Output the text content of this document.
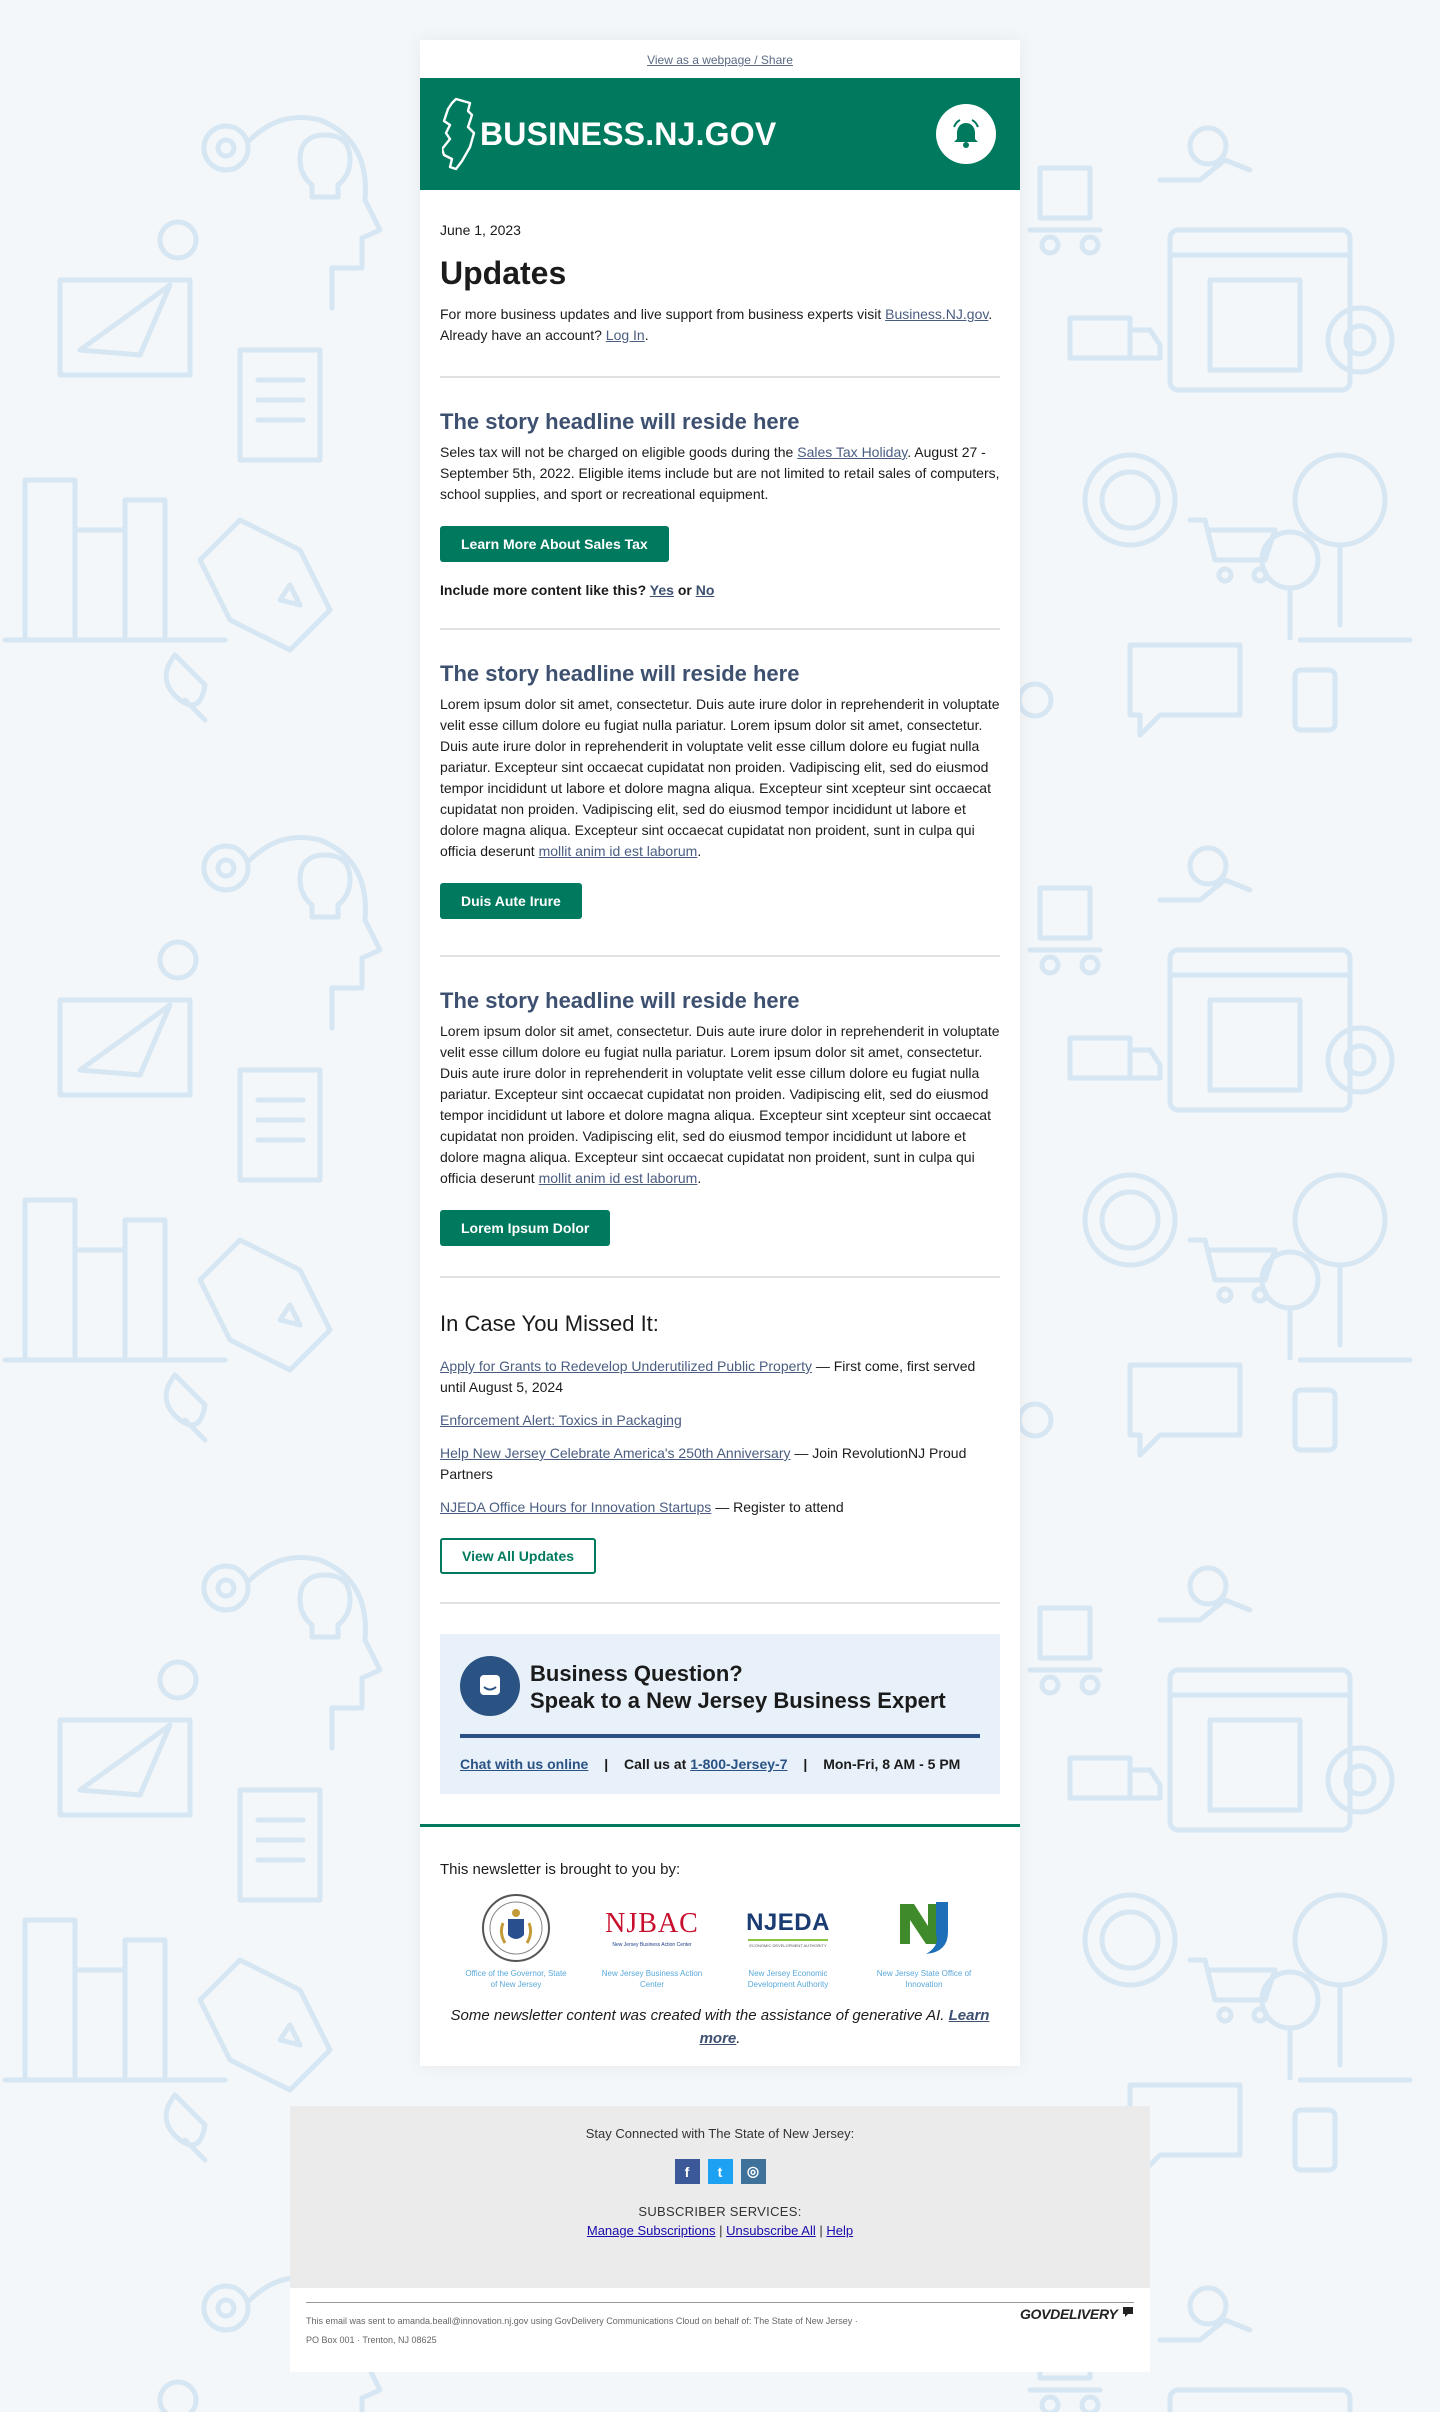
View as a webpage / Share
BUSINESS.NJ.GOV
June 1, 2023
Updates
For more business updates and live support from business experts visit Business.NJ.gov. Already have an account? Log In.
The story headline will reside here
Seles tax will not be charged on eligible goods during the Sales Tax Holiday. August 27 - September 5th, 2022. Eligible items include but are not limited to retail sales of computers, school supplies, and sport or recreational equipment.
Learn More About Sales Tax
Include more content like this? Yes or No
The story headline will reside here
Lorem ipsum dolor sit amet, consectetur. Duis aute irure dolor in reprehenderit in voluptate velit esse cillum dolore eu fugiat nulla pariatur. Lorem ipsum dolor sit amet, consectetur. Duis aute irure dolor in reprehenderit in voluptate velit esse cillum dolore eu fugiat nulla pariatur. Excepteur sint occaecat cupidatat non proiden. Vadipiscing elit, sed do eiusmod tempor incididunt ut labore et dolore magna aliqua. Excepteur sint xcepteur sint occaecat cupidatat non proiden. Vadipiscing elit, sed do eiusmod tempor incididunt ut labore et dolore magna aliqua. Excepteur sint occaecat cupidatat non proident, sunt in culpa qui officia deserunt mollit anim id est laborum.
Duis Aute Irure
The story headline will reside here
Lorem ipsum dolor sit amet, consectetur. Duis aute irure dolor in reprehenderit in voluptate velit esse cillum dolore eu fugiat nulla pariatur. Lorem ipsum dolor sit amet, consectetur. Duis aute irure dolor in reprehenderit in voluptate velit esse cillum dolore eu fugiat nulla pariatur. Excepteur sint occaecat cupidatat non proiden. Vadipiscing elit, sed do eiusmod tempor incididunt ut labore et dolore magna aliqua. Excepteur sint xcepteur sint occaecat cupidatat non proiden. Vadipiscing elit, sed do eiusmod tempor incididunt ut labore et dolore magna aliqua. Excepteur sint occaecat cupidatat non proident, sunt in culpa qui officia deserunt mollit anim id est laborum.
Lorem Ipsum Dolor
In Case You Missed It:
Apply for Grants to Redevelop Underutilized Public Property — First come, first served until August 5, 2024
Enforcement Alert: Toxics in Packaging
Help New Jersey Celebrate America's 250th Anniversary — Join RevolutionNJ Proud Partners
NJEDA Office Hours for Innovation Startups — Register to attend
View All Updates
Business Question?
Speak to a New Jersey Business Expert
Chat with us online | Call us at 1-800-Jersey-7 | Mon-Fri, 8 AM - 5 PM
This newsletter is brought to you by:
Office of the Governor, State of New Jersey
NJBAC
New Jersey Business Action Center
New Jersey Business Action Center
NJEDA
ECONOMIC DEVELOPMENT AUTHORITY
New Jersey Economic Development Authority
New Jersey State Office of Innovation
Some newsletter content was created with the assistance of generative AI. Learn more.
Stay Connected with The State of New Jersey:
f	t	◎
SUBSCRIBER SERVICES:
Manage Subscriptions | Unsubscribe All | Help
This email was sent to amanda.beall@innovation.nj.gov using GovDelivery Communications Cloud on behalf of: The State of New Jersey ·
PO Box 001 · Trenton, NJ 08625
GOVDELIVERY
